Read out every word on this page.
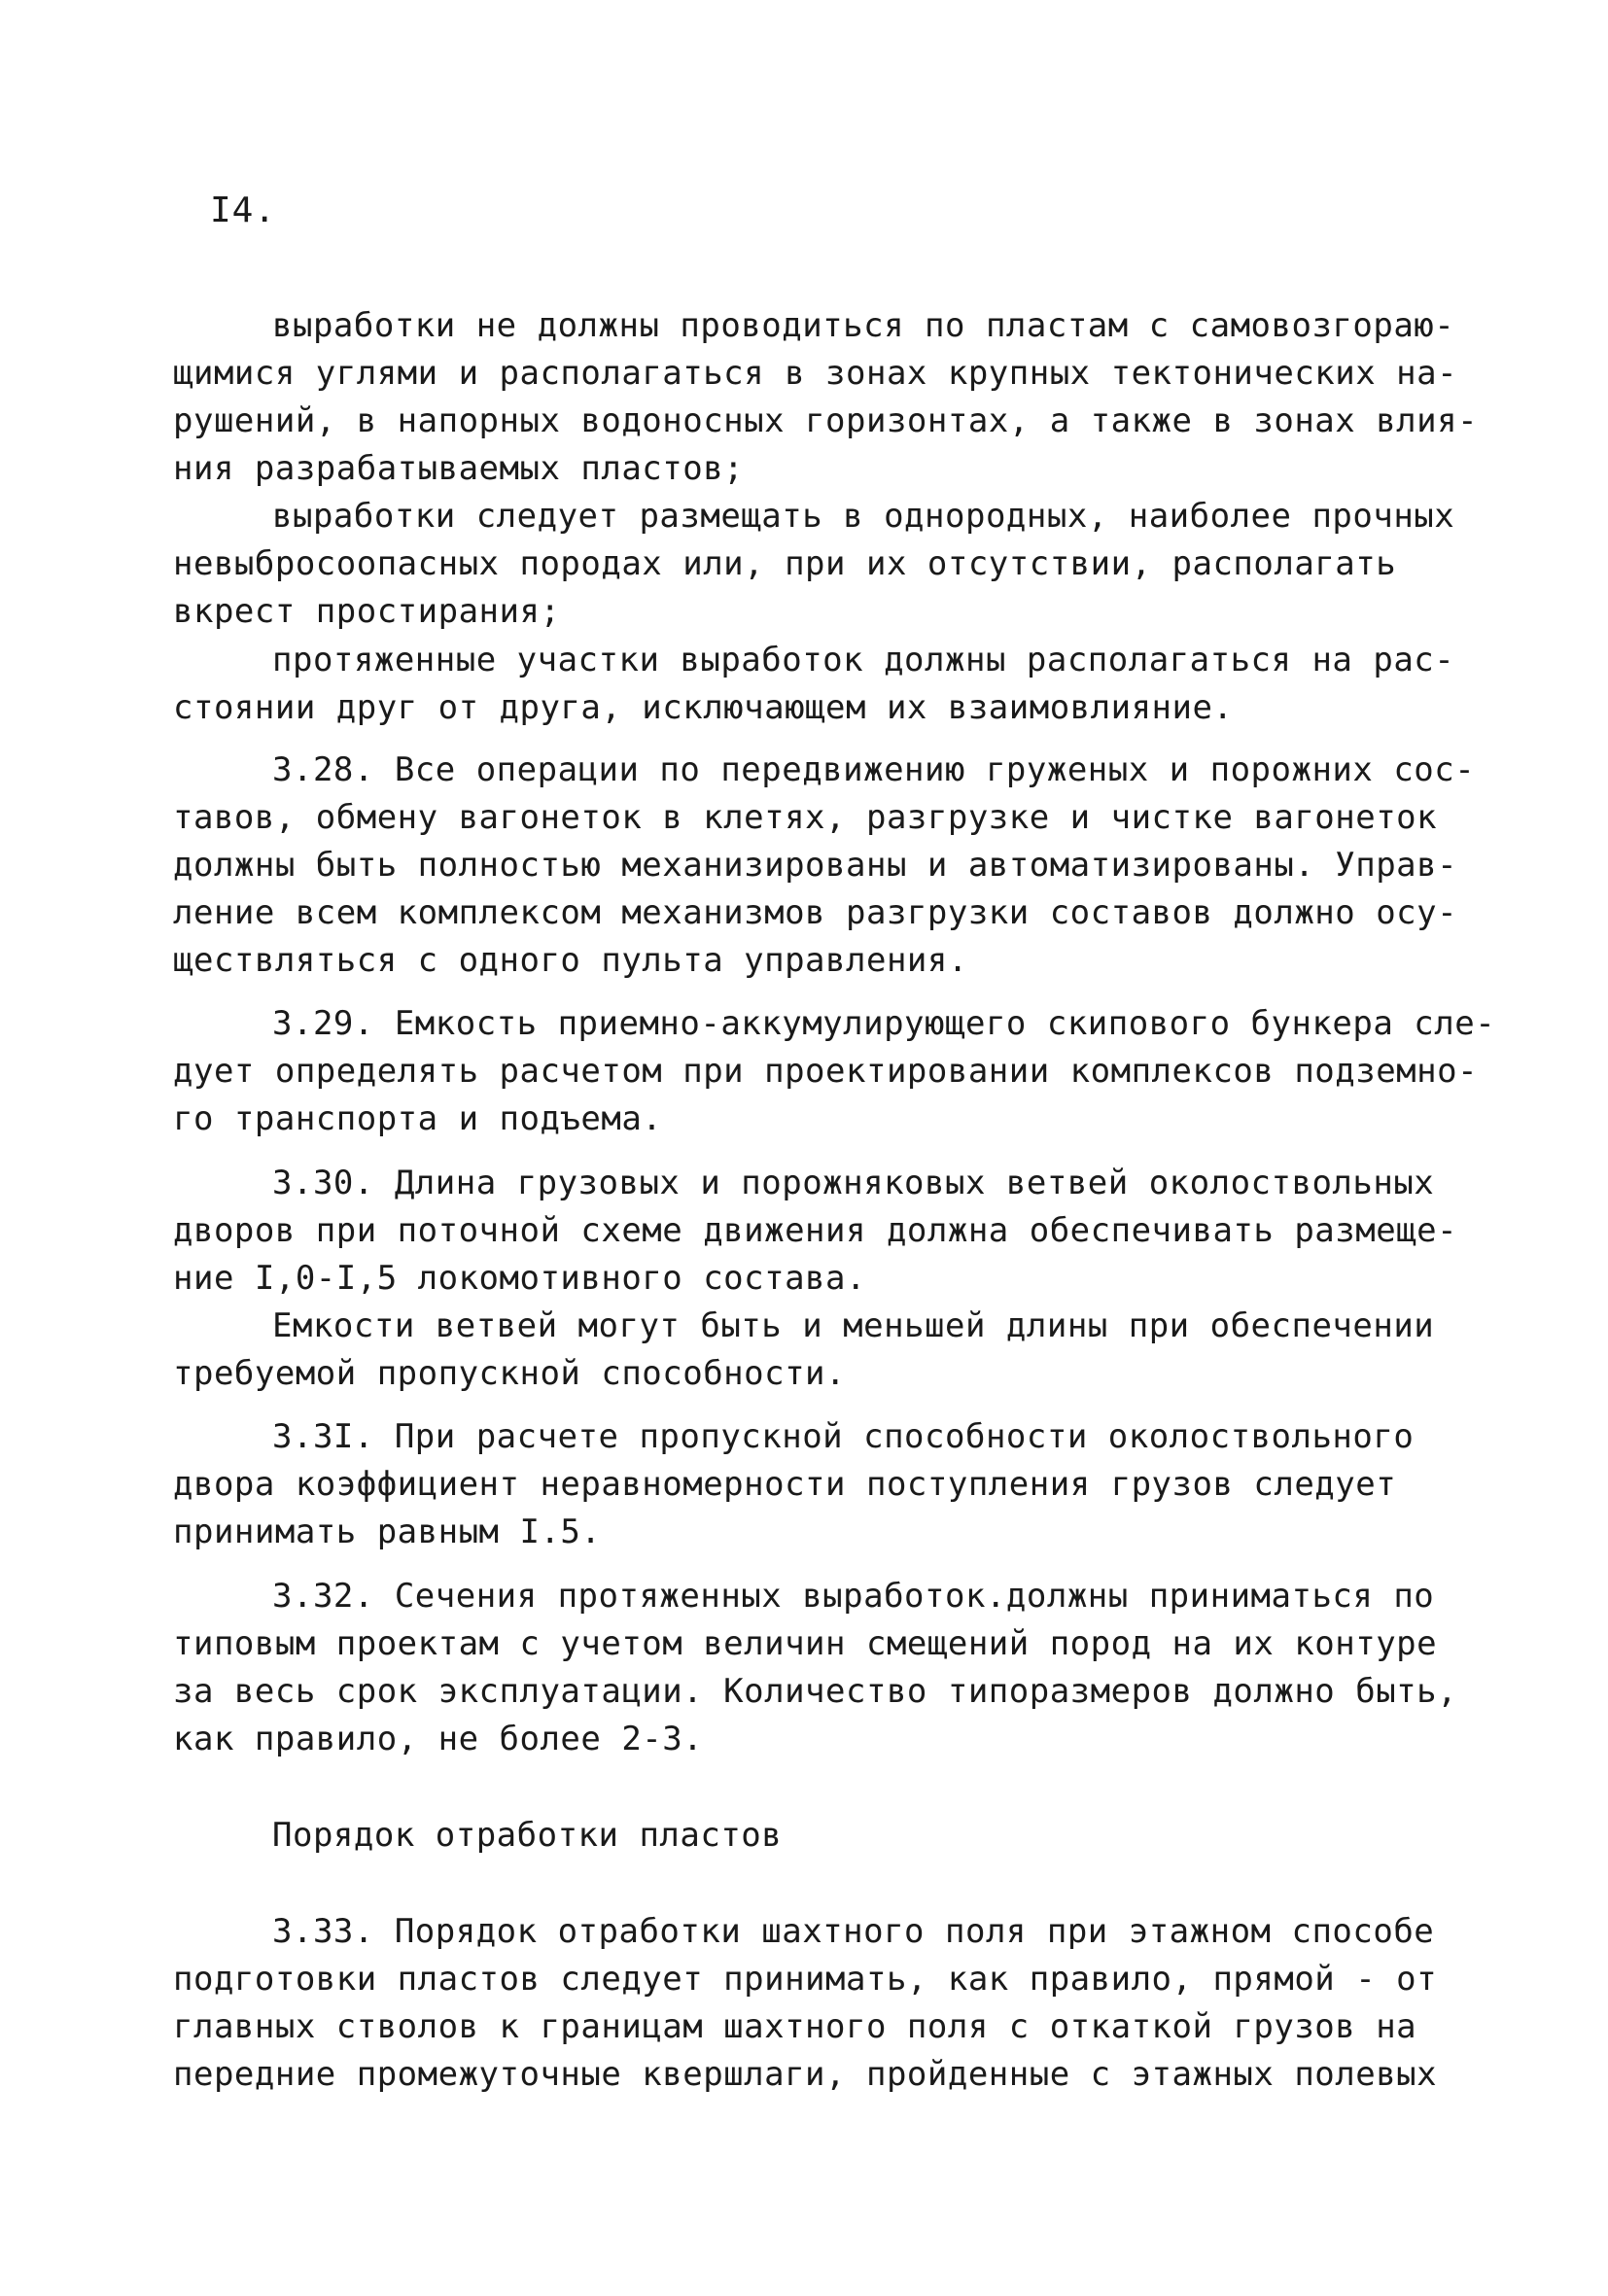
I4.
выработки не должны проводиться по пластам с самовозгораю-
щимися углями и располагаться в зонах крупных тектонических на-
рушений, в напорных водоносных горизонтах, а также в зонах влия-
ния разрабатываемых пластов;
выработки следует размещать в однородных, наиболее прочных
невыбросоопасных породах или, при их отсутствии, располагать
вкрест простирания;
протяженные участки выработок должны располагаться на рас-
стоянии друг от друга, исключающем их взаимовлияние.
3.28. Все операции по передвижению груженых и порожних сос-
тавов, обмену вагонеток в клетях, разгрузке и чистке вагонеток
должны быть полностью механизированы и автоматизированы. Управ-
ление всем комплексом механизмов разгрузки составов должно осу-
ществляться с одного пульта управления.
3.29. Емкость приемно-аккумулирующего скипового бункера сле-
дует определять расчетом при проектировании комплексов подземно-
го транспорта и подъема.
3.30. Длина грузовых и порожняковых ветвей околоствольных
дворов при поточной схеме движения должна обеспечивать размеще-
ние I,0-I,5 локомотивного состава.
Емкости ветвей могут быть и меньшей длины при обеспечении
требуемой пропускной способности.
3.3I. При расчете пропускной способности околоствольного
двора коэффициент неравномерности поступления грузов следует
принимать равным I.5.
3.32. Сечения протяженных выработок.должны приниматься по
типовым проектам с учетом величин смещений пород на их контуре
за весь срок эксплуатации. Количество типоразмеров должно быть,
как правило, не более 2-3.
Порядок отработки пластов
3.33. Порядок отработки шахтного поля при этажном способе
подготовки пластов следует принимать, как правило, прямой - от
главных стволов к границам шахтного поля с откаткой грузов на
передние промежуточные квершлаги, пройденные с этажных полевых
